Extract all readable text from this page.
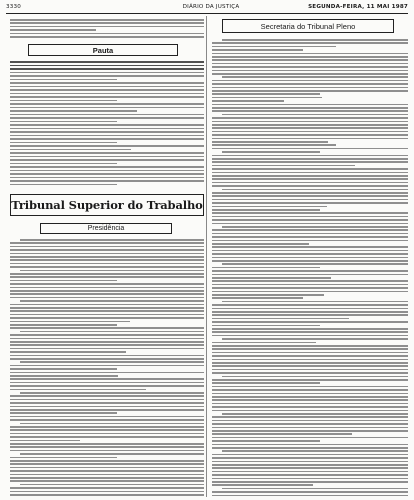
3330	DIÁRIO DA JUSTIÇA	SEGUNDA-FEIRA, 11 MAI 1987
Pauta
Tribunal Superior do Trabalho
Presidência
Secretaria do Tribunal Pleno
